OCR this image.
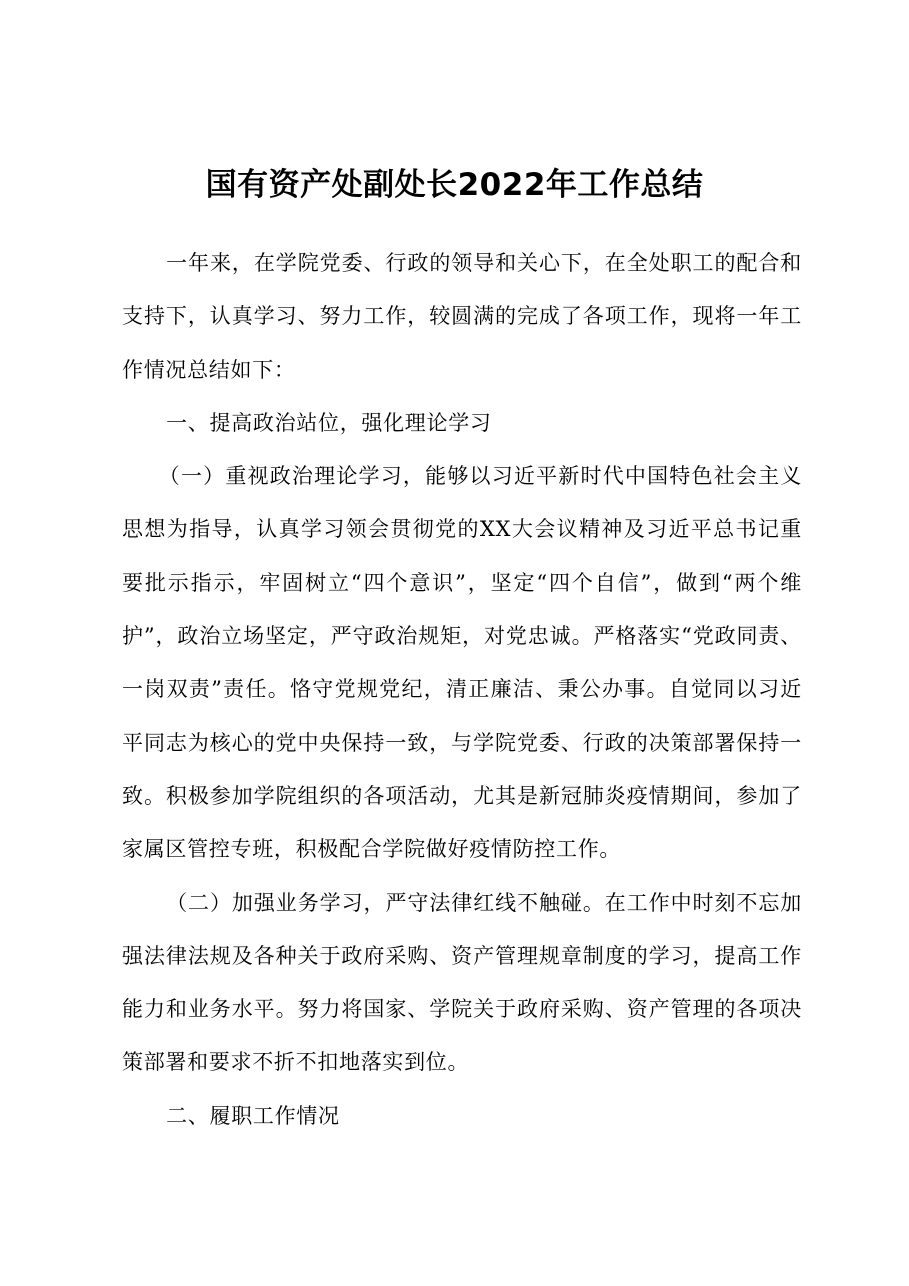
国有资产处副处长2022年工作总结

一年来，在学院党委、行政的领导和关心下，在全处职工的配合和支持下，认真学习、努力工作，较圆满的完成了各项工作，现将一年工作情况总结如下：

一、提高政治站位，强化理论学习

（一）重视政治理论学习，能够以习近平新时代中国特色社会主义思想为指导，认真学习领会贯彻党的XX大会议精神及习近平总书记重要批示指示，牢固树立“四个意识”，坚定“四个自信”，做到“两个维护”，政治立场坚定，严守政治规矩，对党忠诚。严格落实“党政同责、一岗双责”责任。恪守党规党纪，清正廉洁、秉公办事。自觉同以习近平同志为核心的党中央保持一致，与学院党委、行政的决策部署保持一致。积极参加学院组织的各项活动，尤其是新冠肺炎疫情期间，参加了家属区管控专班，积极配合学院做好疫情防控工作。

（二）加强业务学习，严守法律红线不触碰。在工作中时刻不忘加强法律法规及各种关于政府采购、资产管理规章制度的学习，提高工作能力和业务水平。努力将国家、学院关于政府采购、资产管理的各项决策部署和要求不折不扣地落实到位。

二、履职工作情况
